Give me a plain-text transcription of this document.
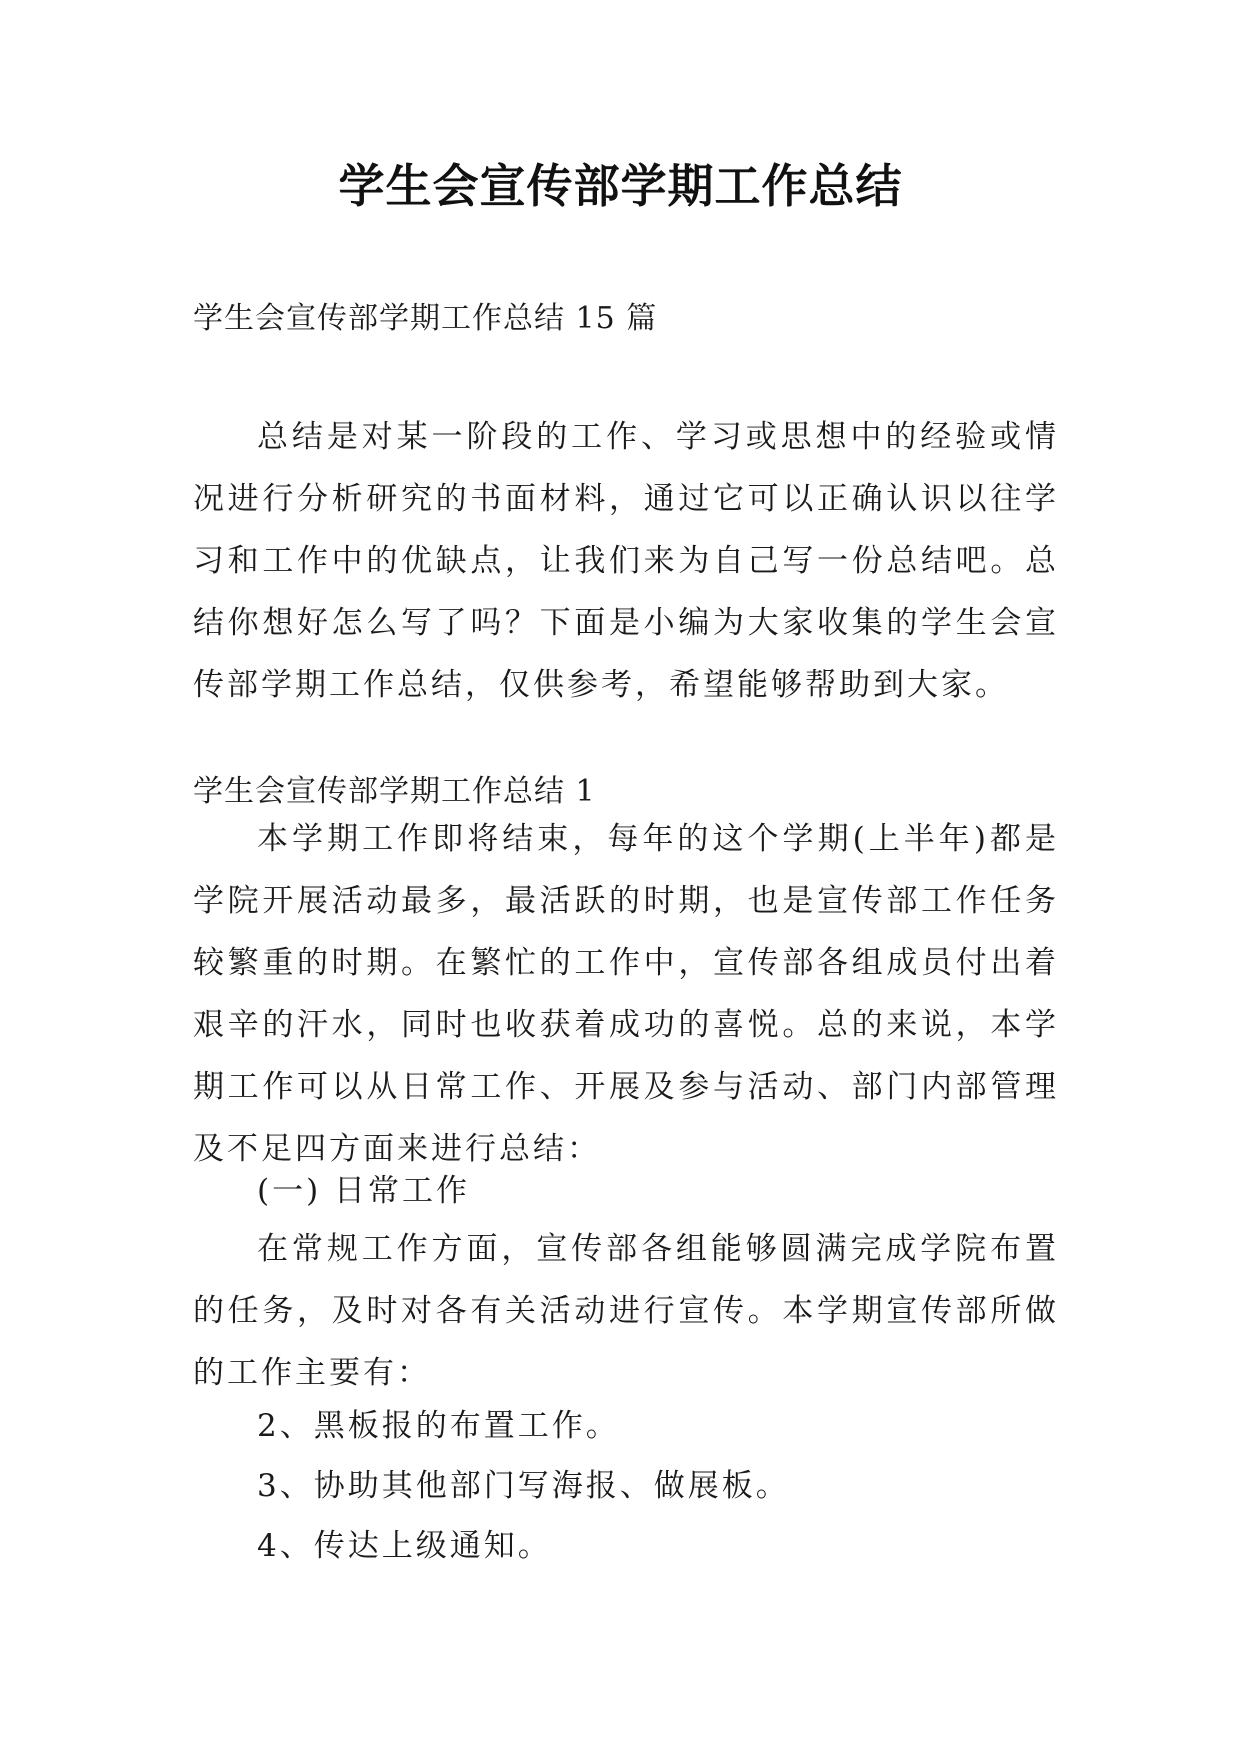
学生会宣传部学期工作总结
学生会宣传部学期工作总结 15 篇

总结是对某一阶段的工作、学习或思想中的经验或情况进行分析研究的书面材料，通过它可以正确认识以往学习和工作中的优缺点，让我们来为自己写一份总结吧。总结你想好怎么写了吗？下面是小编为大家收集的学生会宣传部学期工作总结，仅供参考，希望能够帮助到大家。

学生会宣传部学期工作总结 1

本学期工作即将结束，每年的这个学期(上半年)都是学院开展活动最多，最活跃的时期，也是宣传部工作任务较繁重的时期。在繁忙的工作中，宣传部各组成员付出着艰辛的汗水，同时也收获着成功的喜悦。总的来说，本学期工作可以从日常工作、开展及参与活动、部门内部管理及不足四方面来进行总结：

(一) 日常工作

在常规工作方面，宣传部各组能够圆满完成学院布置的任务，及时对各有关活动进行宣传。本学期宣传部所做的工作主要有：

2、黑板报的布置工作。

3、协助其他部门写海报、做展板。

4、传达上级通知。
